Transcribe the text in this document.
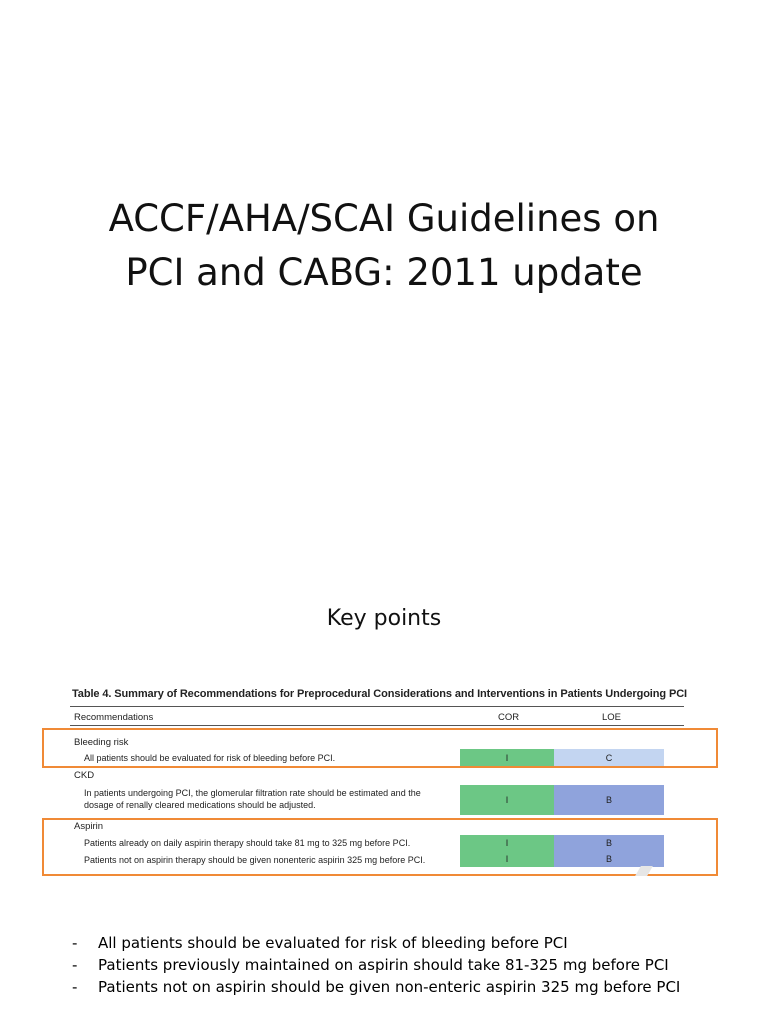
ACCF/AHA/SCAI Guidelines on
PCI and CABG: 2011 update
Key points
Table 4. Summary of Recommendations for Preprocedural Considerations and Interventions in Patients Undergoing PCI
Recommendations	COR	LOE
Bleeding risk
All patients should be evaluated for risk of bleeding before PCI.	I	C
CKD
In patients undergoing PCI, the glomerular filtration rate should be estimated and the
dosage of renally cleared medications should be adjusted.	I	B
Aspirin
Patients already on daily aspirin therapy should take 81 mg to 325 mg before PCI.	I	B
Patients not on aspirin therapy should be given nonenteric aspirin 325 mg before PCI.	I	B
- All patients should be evaluated for risk of bleeding before PCI
- Patients previously maintained on aspirin should take 81-325 mg before PCI
- Patients not on aspirin should be given non-enteric aspirin 325 mg before PCI
